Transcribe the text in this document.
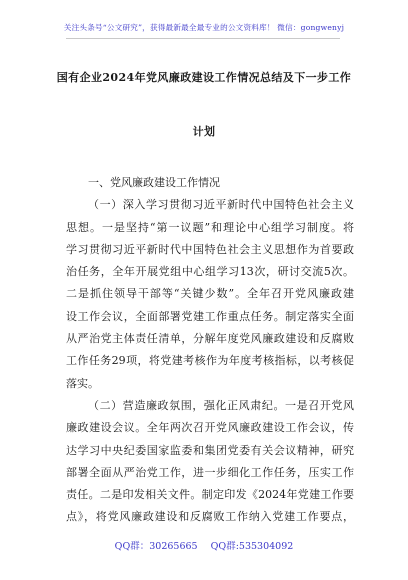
关注头条号“公文研究”，获得最新最全最专业的公文资料库！ 微信：gongwenyj
国有企业2024年党风廉政建设工作情况总结及下一步工作
计划
一、党风廉政建设工作情况
（一）深入学习贯彻习近平新时代中国特色社会主义
思想。一是坚持“第一议题”和理论中心组学习制度。将
学习贯彻习近平新时代中国特色社会主义思想作为首要政
治任务，全年开展党组中心组学习13次，研讨交流5次。
二是抓住领导干部等“关键少数”。全年召开党风廉政建
设工作会议，全面部署党建工作重点任务。制定落实全面
从严治党主体责任清单，分解年度党风廉政建设和反腐败
工作任务29项，将党建考核作为年度考核指标，以考核促
落实。
（二）营造廉政氛围，强化正风肃纪。一是召开党风
廉政建设会议。全年两次召开党风廉政建设工作会议，传
达学习中央纪委国家监委和集团党委有关会议精神，研究
部署全面从严治党工作，进一步细化工作任务，压实工作
责任。二是印发相关文件。制定印发《2024年党建工作要
点》，将党风廉政建设和反腐败工作纳入党建工作要点，
QQ群：30265665 QQ群:535304092
